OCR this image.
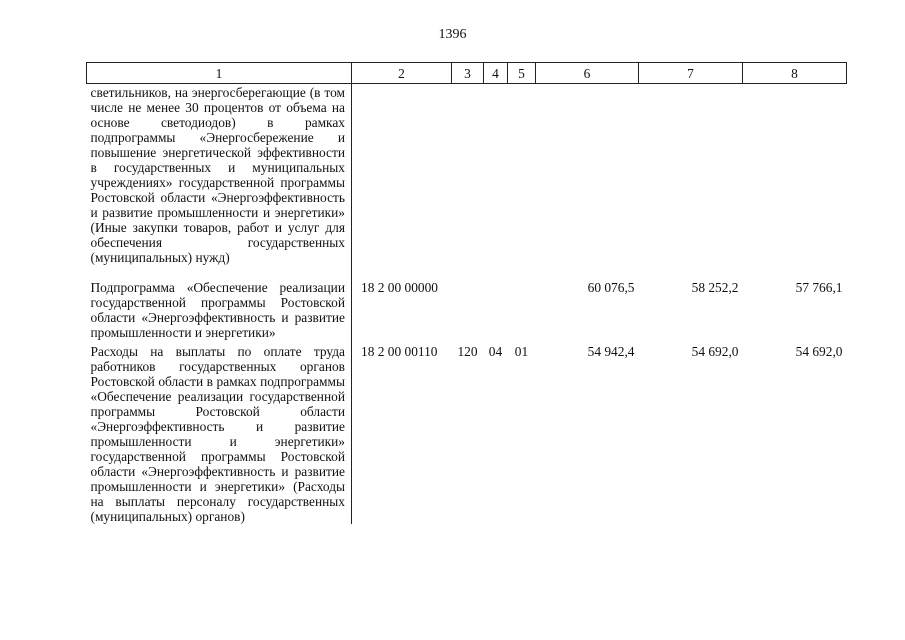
1396
1	2	3	4	5	6	7	8
светильников, на энергосберегающие (в том числе не менее 30 процентов от объема на основе светодиодов) в рамках подпрограммы «Энергосбережение и повышение энергетической эффективности в государственных и муниципальных учреждениях» государственной программы Ростовской области «Энергоэффективность и развитие промышленности и энергетики» (Иные закупки товаров, работ и услуг для обеспечения государственных (муниципальных) нужд)							
Подпрограмма «Обеспечение реализации государственной программы Ростовской области «Энергоэффективность и развитие промышленности и энергетики»	18 2 00 00000				60 076,5	58 252,2	57 766,1
Расходы на выплаты по оплате труда работников государственных органов Ростовской области в рамках подпрограммы «Обеспечение реализации государственной программы Ростовской области «Энергоэффективность и развитие промышленности и энергетики» государственной программы Ростовской области «Энергоэффективность и развитие промышленности и энергетики» (Расходы на выплаты персоналу государственных (муниципальных) органов)	18 2 00 00110	120	04	01	54 942,4	54 692,0	54 692,0
